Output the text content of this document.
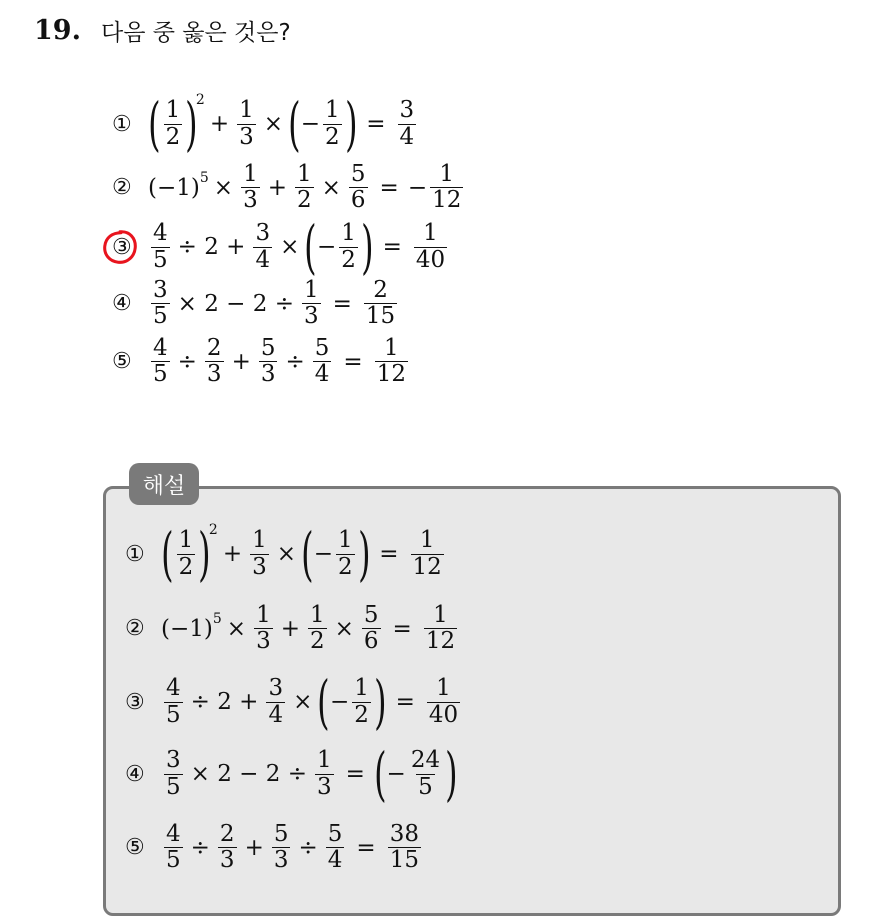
19. 다음 중 옳은 것은?
① ( $\frac{1}{2}$ )
2
+ $\frac{1}{3}$ × ( − $\frac{1}{2}$ ) = $\frac{3}{4}$
② (−1) $5 \times \frac{1}{3} + \frac{1}{2} \times \frac{5}{6}$ = − $\frac{1}{12}$
③ $\frac{4}{5} \div 2 + \frac{3}{4}$ × ( − $\frac{1}{2}$ ) = $\frac{1}{40}$
④ $\frac{3}{5} \times 2 - 2 \div \frac{1}{3} = \frac{2}{15}$
⑤ $\frac{4}{5} \div \frac{2}{3} + \frac{5}{3} \div \frac{5}{4} = \frac{1}{12}$
해설
① ( $\frac{1}{2}$ )
2
+ $\frac{1}{3}$ × ( − $\frac{1}{2}$ ) = $\frac{1}{12}$
② (−1) $5 \times \frac{1}{3} + \frac{1}{2} \times \frac{5}{6} = \frac{1}{12}$
③ $\frac{4}{5} \div 2 + \frac{3}{4}$ × ( − $\frac{1}{2}$ ) = $\frac{1}{40}$
④ $\frac{3}{5} \times 2 - 2 \div \frac{1}{3}$ = ( − $\frac{24}{5}$ )
⑤ $\frac{4}{5} \div \frac{2}{3} + \frac{5}{3} \div \frac{5}{4} = \frac{38}{15}$
